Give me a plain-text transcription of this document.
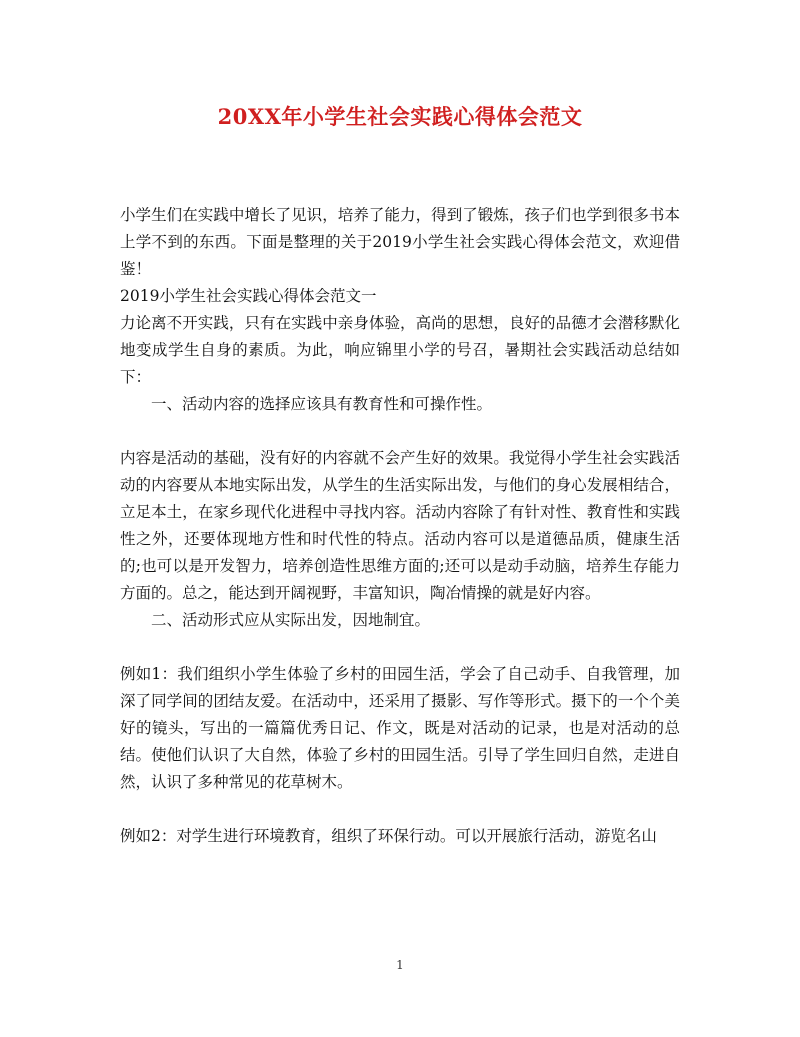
20XX年小学生社会实践心得体会范文

小学生们在实践中增长了见识，培养了能力，得到了锻炼，孩子们也学到很多书本上学不到的东西。下面是整理的关于2019小学生社会实践心得体会范文，欢迎借鉴！

2019小学生社会实践心得体会范文一

力论离不开实践，只有在实践中亲身体验，高尚的思想，良好的品德才会潜移默化地变成学生自身的素质。为此，响应锦里小学的号召，暑期社会实践活动总结如下：

一、活动内容的选择应该具有教育性和可操作性。

内容是活动的基础，没有好的内容就不会产生好的效果。我觉得小学生社会实践活动的内容要从本地实际出发，从学生的生活实际出发，与他们的身心发展相结合，立足本土，在家乡现代化进程中寻找内容。活动内容除了有针对性、教育性和实践性之外，还要体现地方性和时代性的特点。活动内容可以是道德品质，健康生活的;也可以是开发智力，培养创造性思维方面的;还可以是动手动脑，培养生存能力方面的。总之，能达到开阔视野，丰富知识，陶冶情操的就是好内容。

二、活动形式应从实际出发，因地制宜。

例如1：我们组织小学生体验了乡村的田园生活，学会了自己动手、自我管理，加深了同学间的团结友爱。在活动中，还采用了摄影、写作等形式。摄下的一个个美好的镜头，写出的一篇篇优秀日记、作文，既是对活动的记录，也是对活动的总结。使他们认识了大自然，体验了乡村的田园生活。引导了学生回归自然，走进自然，认识了多种常见的花草树木。

例如2：对学生进行环境教育，组织了环保行动。可以开展旅行活动，游览名山

1
